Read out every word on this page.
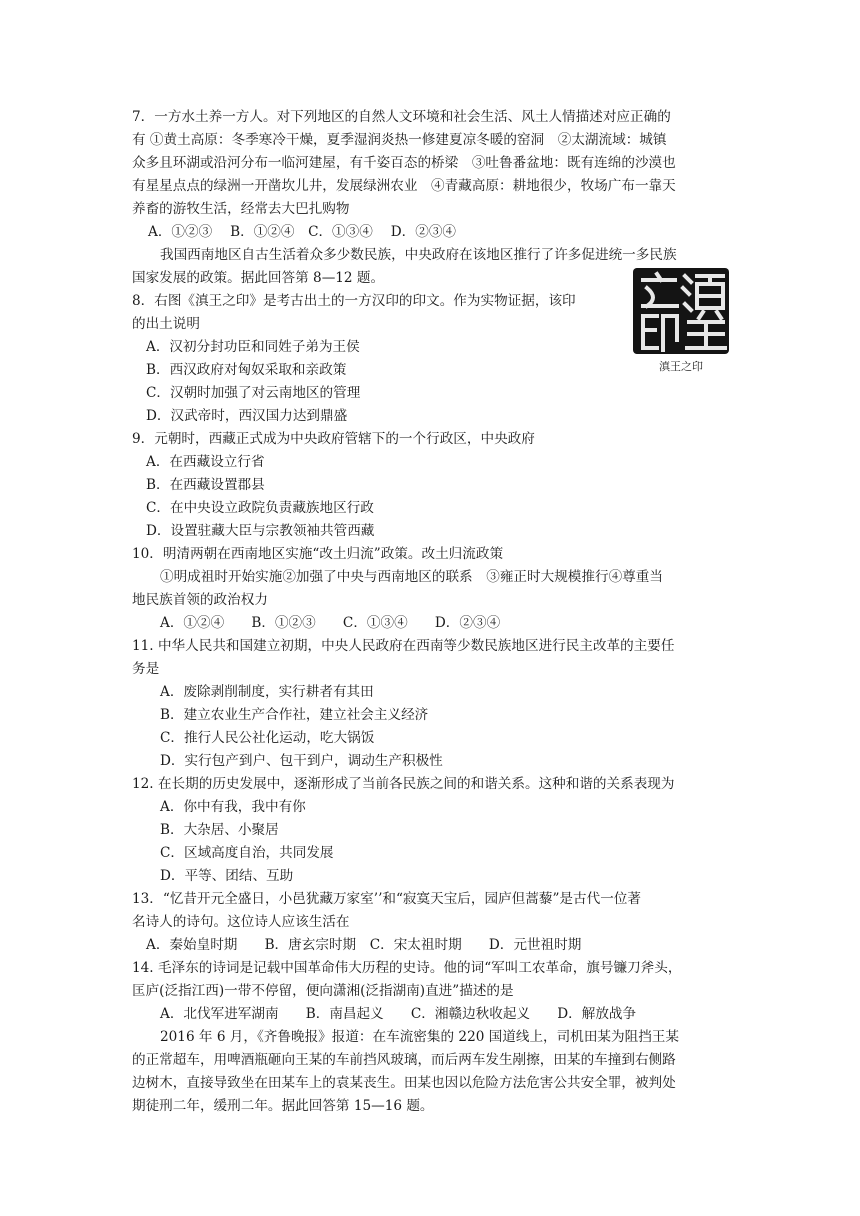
7．一方水土养一方人。对下列地区的自然人文环境和社会生活、风土人情描述对应正确的
有 ①黄土高原：冬季寒冷干燥，夏季湿润炎热一修建夏凉冬暖的窑洞　②太湖流域：城镇
众多且环湖或沿河分布一临河建屋，有千姿百态的桥梁　③吐鲁番盆地：既有连绵的沙漠也
有星星点点的绿洲一开凿坎儿井，发展绿洲农业　④青藏高原：耕地很少，牧场广布一靠天
养畜的游牧生活，经常去大巴扎购物
A．①②③　 B．①②④　C．①③④　 D．②③④
我国西南地区自古生活着众多少数民族，中央政府在该地区推行了许多促进统一多民族
国家发展的政策。据此回答第 8—12 题。
8．右图《滇王之印》是考古出土的一方汉印的印文。作为实物证据，该印
的出土说明
A．汉初分封功臣和同姓子弟为王侯
B．西汉政府对匈奴采取和亲政策
C．汉朝时加强了对云南地区的管理
D．汉武帝时，西汉国力达到鼎盛
9．元朝时，西藏正式成为中央政府管辖下的一个行政区，中央政府
A．在西藏设立行省
B．在西藏设置郡县
C．在中央设立政院负责藏族地区行政
D．设置驻藏大臣与宗教领袖共管西藏
10．明清两朝在西南地区实施“改土归流”政策。改土归流政策
①明成祖时开始实施②加强了中央与西南地区的联系　③雍正时大规模推行④尊重当
地民族首领的政治权力
A．①②④　　B．①②③　　C．①③④　　D．②③④
11. 中华人民共和国建立初期，中央人民政府在西南等少数民族地区进行民主改革的主要任
务是
A．废除剥削制度，实行耕者有其田
B．建立农业生产合作社，建立社会主义经济
C．推行人民公社化运动，吃大锅饭
D．实行包产到户、包干到户，调动生产积极性
12. 在长期的历史发展中，逐渐形成了当前各民族之间的和谐关系。这种和谐的关系表现为
A．你中有我，我中有你
B．大杂居、小聚居
C．区域高度自治，共同发展
D．平等、团结、互助
13．“忆昔开元全盛日，小邑犹藏万家室’’和“寂寞天宝后，园庐但蒿藜”是古代一位著
名诗人的诗句。这位诗人应该生活在
A．秦始皇时期　　B．唐玄宗时期　C．宋太祖时期　　D．元世祖时期
14. 毛泽东的诗词是记载中国革命伟大历程的史诗。他的词“军叫工农革命，旗号镰刀斧头，
匡庐(泛指江西)一带不停留，便向潇湘(泛指湖南)直进”描述的是
A．北伐军进军湖南　　B．南昌起义　　C．湘赣边秋收起义　　D．解放战争
2016 年 6 月，《齐鲁晚报》报道：在车流密集的 220 国道线上，司机田某为阻挡王某
的正常超车，用啤酒瓶砸向王某的车前挡风玻璃，而后两车发生剐擦，田某的车撞到右侧路
边树木，直接导致坐在田某车上的袁某丧生。田某也因以危险方法危害公共安全罪，被判处
期徒刑二年，缓刑二年。据此回答第 15—16 题。
滇王之印
